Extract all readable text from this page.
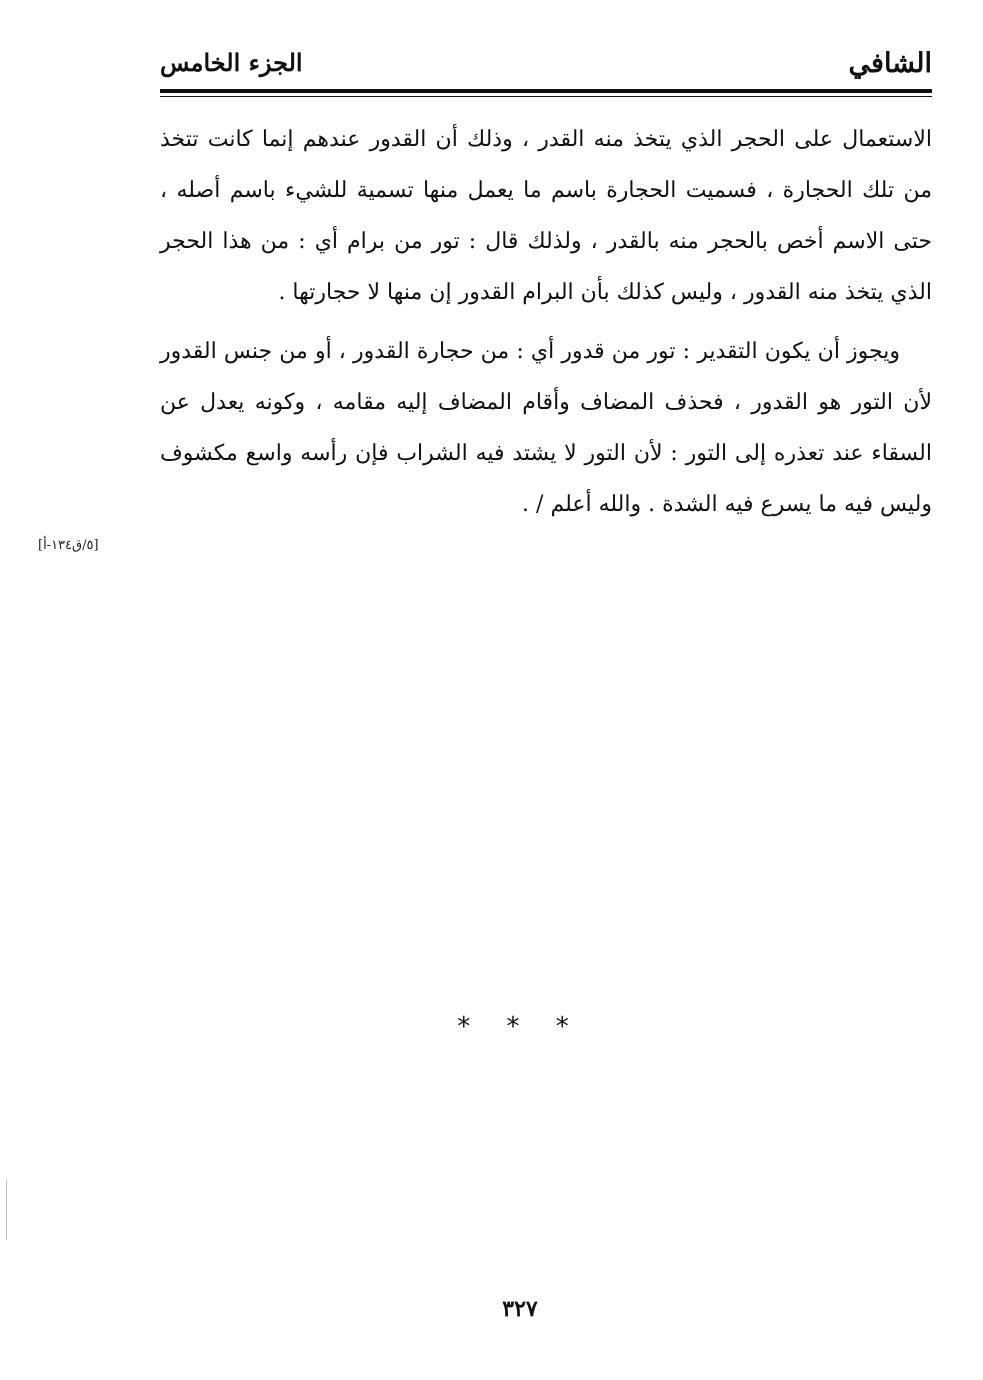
الشافي
الجزء الخامس

الاستعمال على الحجر الذي يتخذ منه القدر ، وذلك أن القدور عندهم إنما كانت تتخذ من تلك الحجارة ، فسميت الحجارة باسم ما يعمل منها تسمية للشيء باسم أصله ، حتى الاسم أخص بالحجر منه بالقدر ، ولذلك قال : تور من برام أي : من هذا الحجر الذي يتخذ منه القدور ، وليس كذلك بأن البرام القدور إن منها لا حجارتها .

ويجوز أن يكون التقدير : تور من قدور أي : من حجارة القدور ، أو من جنس القدور لأن التور هو القدور ، فحذف المضاف وأقام المضاف إليه مقامه ، وكونه يعدل عن السقاء عند تعذره إلى التور : لأن التور لا يشتد فيه الشراب فإن رأسه واسع مكشوف وليس فيه ما يسرع فيه الشدة . والله أعلم / .

[٥/ق١٣٤-أ]
* * *
٣٢٧
